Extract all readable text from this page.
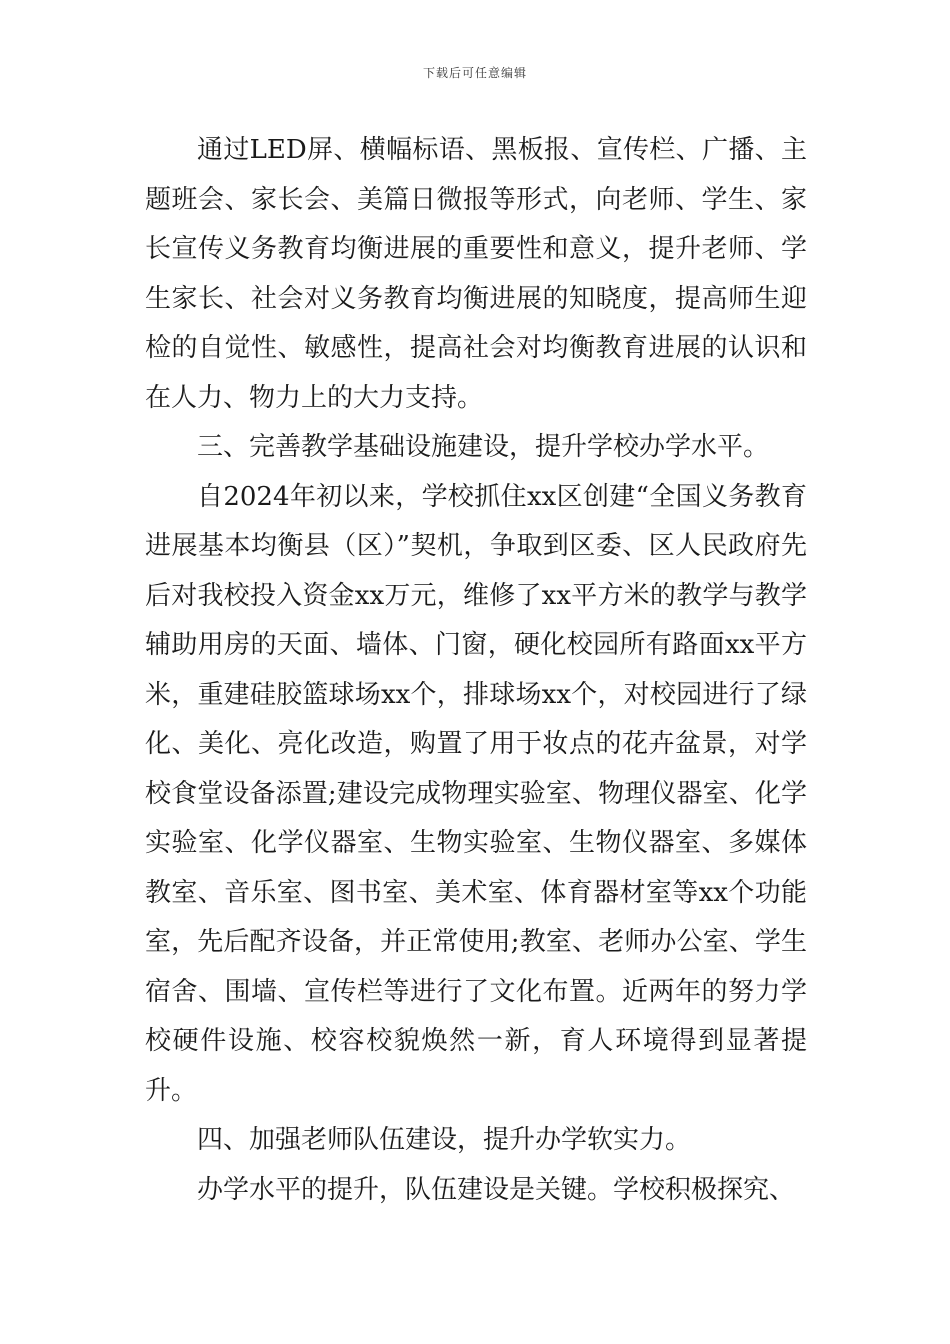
下载后可任意编辑

通过LED屏、横幅标语、黑板报、宣传栏、广播、主题班会、家长会、美篇日微报等形式，向老师、学生、家长宣传义务教育均衡进展的重要性和意义，提升老师、学生家长、社会对义务教育均衡进展的知晓度，提高师生迎检的自觉性、敏感性，提高社会对均衡教育进展的认识和在人力、物力上的大力支持。

三、完善教学基础设施建设，提升学校办学水平。

自2024年初以来，学校抓住xx区创建“全国义务教育进展基本均衡县（区）”契机，争取到区委、区人民政府先后对我校投入资金xx万元，维修了xx平方米的教学与教学辅助用房的天面、墙体、门窗，硬化校园所有路面xx平方米，重建硅胶篮球场xx个，排球场xx个，对校园进行了绿化、美化、亮化改造，购置了用于妆点的花卉盆景，对学校食堂设备添置;建设完成物理实验室、物理仪器室、化学实验室、化学仪器室、生物实验室、生物仪器室、多媒体教室、音乐室、图书室、美术室、体育器材室等xx个功能室，先后配齐设备，并正常使用;教室、老师办公室、学生宿舍、围墙、宣传栏等进行了文化布置。近两年的努力学校硬件设施、校容校貌焕然一新，育人环境得到显著提升。

四、加强老师队伍建设，提升办学软实力。

办学水平的提升，队伍建设是关键。学校积极探究、
